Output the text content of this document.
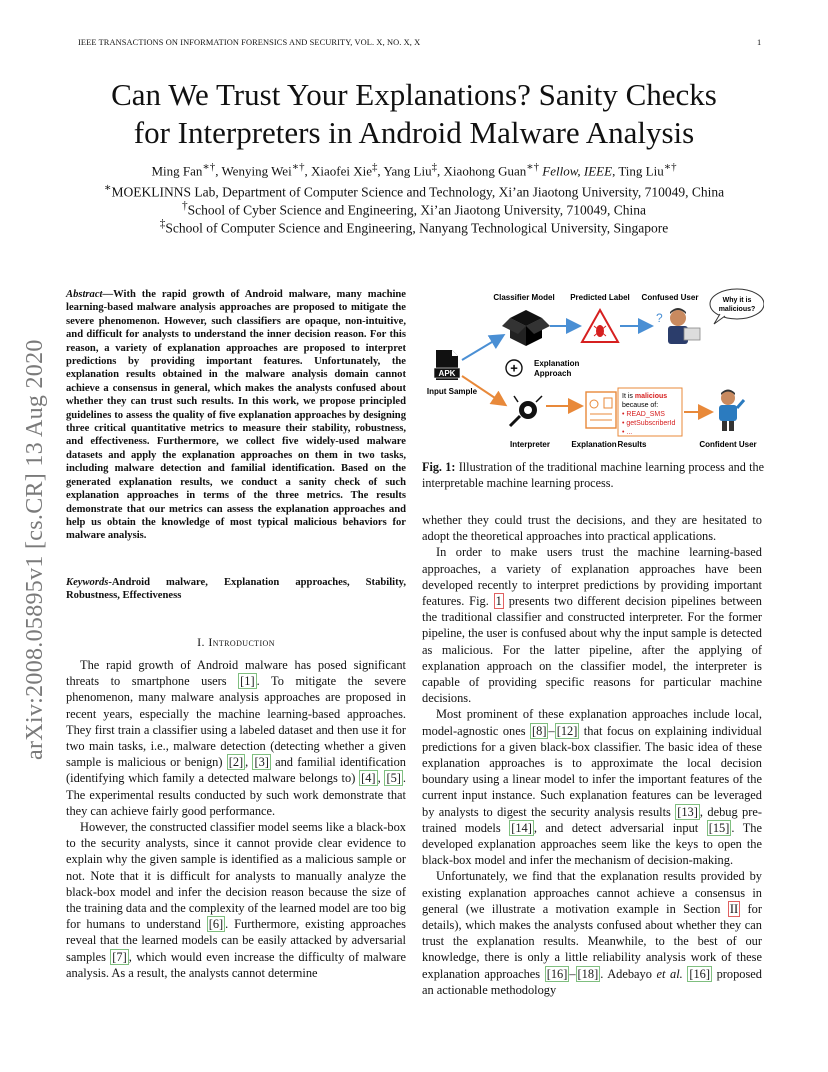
IEEE TRANSACTIONS ON INFORMATION FORENSICS AND SECURITY, VOL. X, NO. X, X	1
Can We Trust Your Explanations? Sanity Checks
for Interpreters in Android Malware Analysis
Ming Fan∗†, Wenying Wei∗†, Xiaofei Xie‡, Yang Liu‡, Xiaohong Guan∗† Fellow, IEEE, Ting Liu∗†
∗MOEKLINNS Lab, Department of Computer Science and Technology, Xi’an Jiaotong University, 710049, China
†School of Cyber Science and Engineering, Xi’an Jiaotong University, 710049, China
‡School of Computer Science and Engineering, Nanyang Technological University, Singapore
arXiv:2008.05895v1 [cs.CR] 13 Aug 2020
Abstract—With the rapid growth of Android malware, many machine learning-based malware analysis approaches are proposed to mitigate the severe phenomenon. However, such classifiers are opaque, non-intuitive, and difficult for analysts to understand the inner decision reason. For this reason, a variety of explanation approaches are proposed to interpret predictions by providing important features. Unfortunately, the explanation results obtained in the malware analysis domain cannot achieve a consensus in general, which makes the analysts confused about whether they can trust such results. In this work, we propose principled guidelines to assess the quality of five explanation approaches by designing three critical quantitative metrics to measure their stability, robustness, and effectiveness. Furthermore, we collect five widely-used malware datasets and apply the explanation approaches on them in two tasks, including malware detection and familial identification. Based on the generated explanation results, we conduct a sanity check of such explanation approaches in terms of the three metrics. The results demonstrate that our metrics can assess the explanation approaches and help us obtain the knowledge of most typical malicious behaviors for malware analysis.
Keywords-Android malware, Explanation approaches, Stability, Robustness, Effectiveness
I. Introduction

The rapid growth of Android malware has posed significant threats to smartphone users [1] . To mitigate the severe phenomenon, many malware analysis approaches are proposed in recent years, especially the machine learning-based approaches. They first train a classifier using a labeled dataset and then use it for two main tasks, i.e., malware detection (detecting whether a given sample is malicious or benign) [2] , [3] and familial identification (identifying which family a detected malware belongs to) [4] , [5] . The experimental results conducted by such work demonstrate that they can achieve fairly good performance.

However, the constructed classifier model seems like a black-box to the security analysts, since it cannot provide clear evidence to explain why the given sample is identified as a malicious sample or not. Note that it is difficult for analysts to manually analyze the black-box model and infer the decision reason because the size of the training data and the complexity of the learned model are too big for humans to understand [6] . Furthermore, existing approaches reveal that the learned models can be easily attacked by adversarial samples [7] , which would even increase the difficulty of malware analysis. As a result, the analysts cannot determine

Classifier Model Predicted Label Confused User	Why it is
malicious?
?
APK
Input Sample
+ Explanation
Approach
Interpreter	Explanation Results
It is malicious
because of:
• READ_SMS
• getSubscriberId
• ...
Confident User
Fig. 1: Illustration of the traditional machine learning process and the interpretable machine learning process.

whether they could trust the decisions, and they are hesitated to adopt the theoretical approaches into practical applications.

In order to make users trust the machine learning-based approaches, a variety of explanation approaches have been developed recently to interpret predictions by providing important features. Fig. 1 presents two different decision pipelines between the traditional classifier and constructed interpreter. For the former pipeline, the user is confused about why the input sample is detected as malicious. For the latter pipeline, after the applying of explanation approach on the classifier model, the interpreter is capable of providing specific reasons for particular machine decisions.

Most prominent of these explanation approaches include local, model-agnostic ones [8] – [12] that focus on explaining individual predictions for a given black-box classifier. The basic idea of these explanation approaches is to approximate the local decision boundary using a linear model to infer the important features of the current input instance. Such explanation features can be leveraged by analysts to digest the security analysis results [13] , debug pre-trained models [14] , and detect adversarial input [15] . The developed explanation approaches seem like the keys to open the black-box model and infer the mechanism of decision-making.

Unfortunately, we find that the explanation results provided by existing explanation approaches cannot achieve a consensus in general (we illustrate a motivation example in Section II for details), which makes the analysts confused about whether they can trust the explanation results. Meanwhile, to the best of our knowledge, there is only a little reliability analysis work of these explanation approaches [16] – [18] . Adebayo et al. [16] proposed an actionable methodology
